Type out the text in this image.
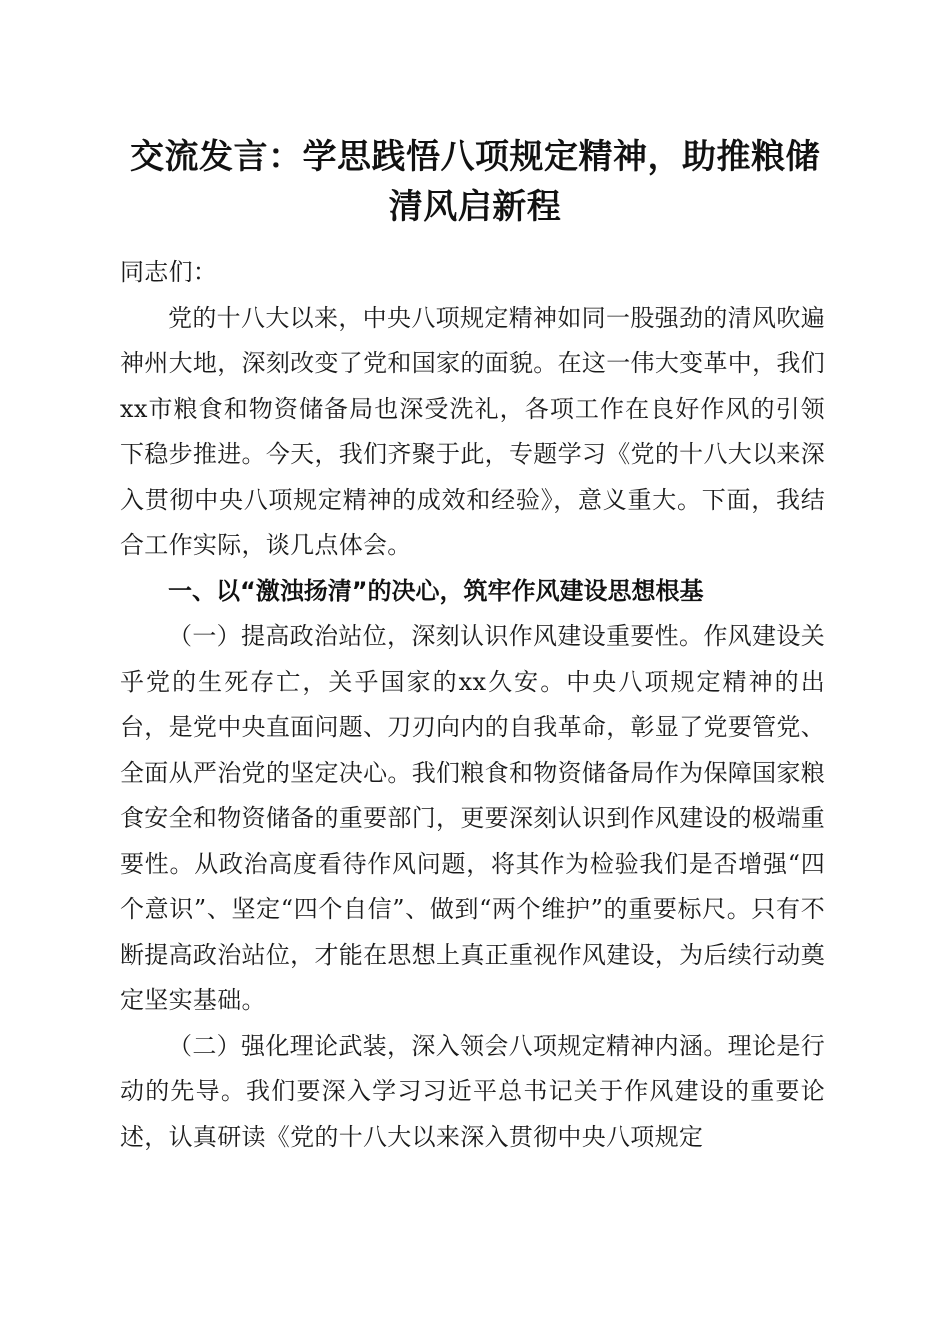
交流发言：学思践悟八项规定精神，助推粮储
清风启新程

同志们：

党的十八大以来，中央八项规定精神如同一股强劲的清风吹遍神州大地，深刻改变了党和国家的面貌。在这一伟大变革中，我们xx市粮食和物资储备局也深受洗礼，各项工作在良好作风的引领下稳步推进。今天，我们齐聚于此，专题学习《党的十八大以来深入贯彻中央八项规定精神的成效和经验》，意义重大。下面，我结合工作实际，谈几点体会。

一、以“激浊扬清”的决心，筑牢作风建设思想根基

（一）提高政治站位，深刻认识作风建设重要性。作风建设关乎党的生死存亡，关乎国家的xx久安。中央八项规定精神的出台，是党中央直面问题、刀刃向内的自我革命，彰显了党要管党、全面从严治党的坚定决心。我们粮食和物资储备局作为保障国家粮食安全和物资储备的重要部门，更要深刻认识到作风建设的极端重要性。从政治高度看待作风问题，将其作为检验我们是否增强“四个意识”、坚定“四个自信”、做到“两个维护”的重要标尺。只有不断提高政治站位，才能在思想上真正重视作风建设，为后续行动奠定坚实基础。

（二）强化理论武装，深入领会八项规定精神内涵。理论是行动的先导。我们要深入学习习近平总书记关于作风建设的重要论述，认真研读《党的十八大以来深入贯彻中央八项规定
